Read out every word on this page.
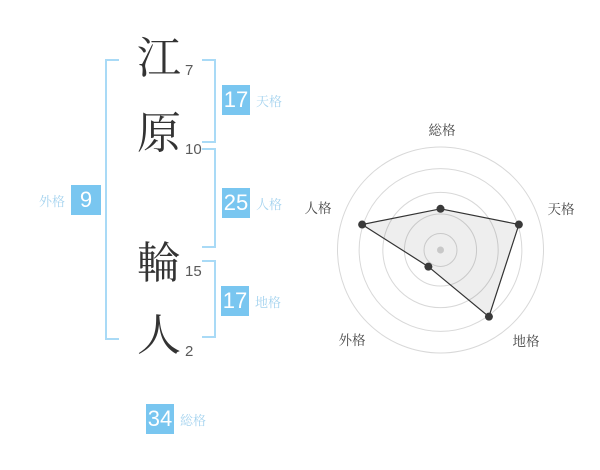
江
原
輪
人
7
10
15
2
17 天格
25 人格
17 地格
外格 9
34 総格
総格
天格
地格
外格
人格
